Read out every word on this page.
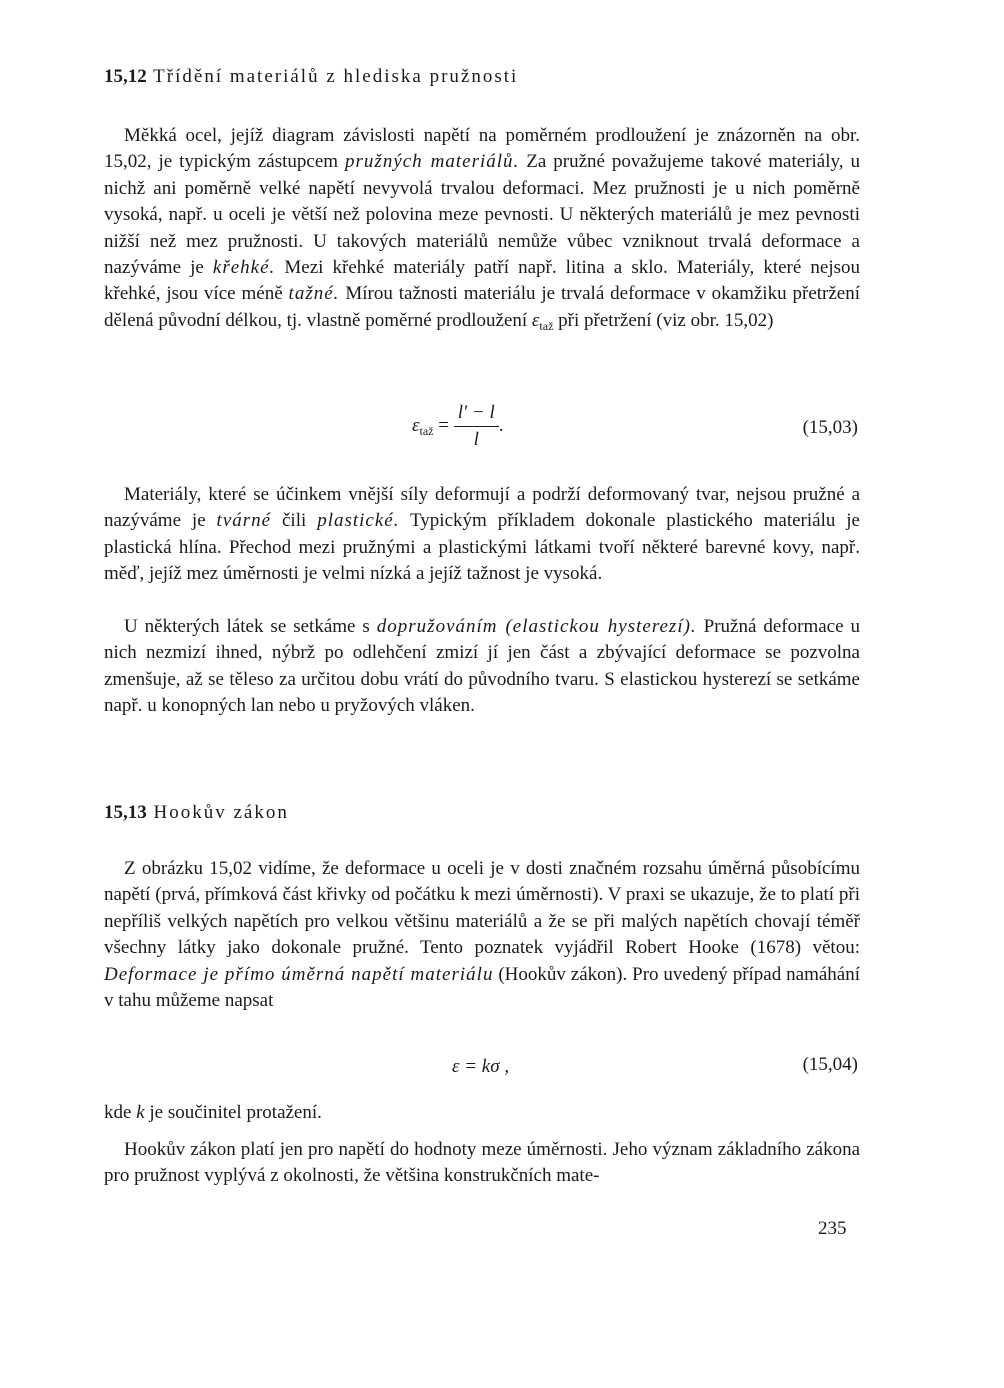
15,12 Třídění materiálů z hlediska pružnosti

Měkká ocel, jejíž diagram závislosti napětí na poměrném prodloužení je znázorněn na obr. 15,02, je typickým zástupcem pružných materiálů. Za pružné považujeme takové materiály, u nichž ani poměrně velké napětí nevyvolá trvalou deformaci. Mez pružnosti je u nich poměrně vysoká, např. u oceli je větší než polovina meze pevnosti. U některých materiálů je mez pevnosti nižší než mez pružnosti. U takových materiálů nemůže vůbec vzniknout trvalá deformace a nazýváme je křehké. Mezi křehké materiály patří např. litina a sklo. Materiály, které nejsou křehké, jsou více méně tažné. Mírou tažnosti materiálu je trvalá deformace v okamžiku přetržení dělená původní délkou, tj. vlastně poměrné prodloužení $\varepsilon_{taž}$ při přetržení (viz obr. 15,02)

$\varepsilon_{taž} = \frac{l' - l}{l}$ .	(15,03)

Materiály, které se účinkem vnější síly deformují a podrží deformovaný tvar, nejsou pružné a nazýváme je tvárné čili plastické. Typickým příkladem dokonale plastického materiálu je plastická hlína. Přechod mezi pružnými a plastickými látkami tvoří některé barevné kovy, např. měď, jejíž mez úměrnosti je velmi nízká a jejíž tažnost je vysoká.

U některých látek se setkáme s dopružováním (elastickou hysterezí). Pružná deformace u nich nezmizí ihned, nýbrž po odlehčení zmizí jí jen část a zbývající deformace se pozvolna zmenšuje, až se těleso za určitou dobu vrátí do původního tvaru. S elastickou hysterezí se setkáme např. u konopných lan nebo u pryžových vláken.

15,13 Hookův zákon

Z obrázku 15,02 vidíme, že deformace u oceli je v dosti značném rozsahu úměrná působícímu napětí (prvá, přímková část křivky od počátku k mezi úměrnosti). V praxi se ukazuje, že to platí při nepříliš velkých napětích pro velkou většinu materiálů a že se při malých napětích chovají téměř všechny látky jako dokonale pružné. Tento poznatek vyjádřil Robert Hooke (1678) větou: Deformace je přímo úměrná napětí materiálu (Hookův zákon). Pro uvedený případ namáhání v tahu můžeme napsat

ε = kσ ,	(15,04)

kde k je součinitel protažení.

Hookův zákon platí jen pro napětí do hodnoty meze úměrnosti. Jeho význam základního zákona pro pružnost vyplývá z okolnosti, že většina konstrukčních mate-

235
